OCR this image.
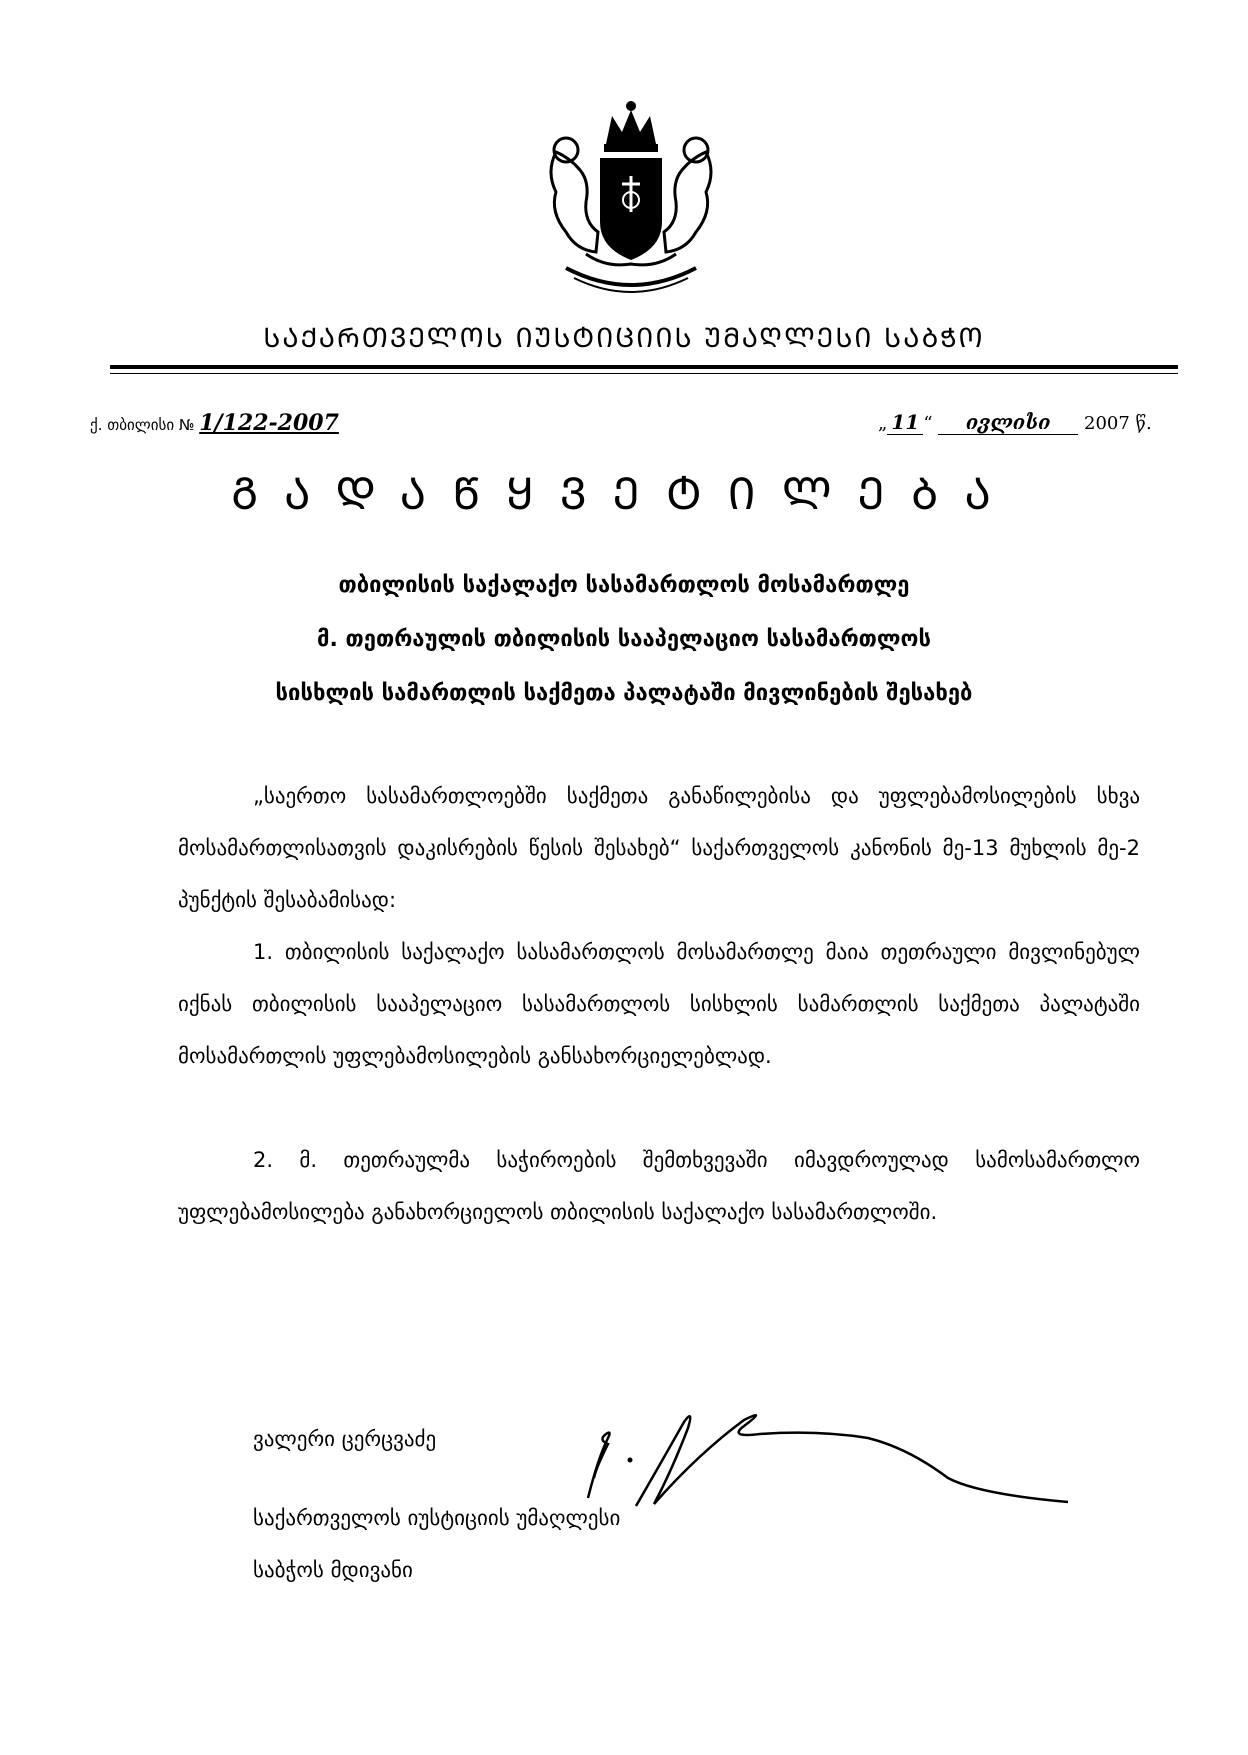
ᲡᲐᲥᲐᲠᲗᲕᲔᲚᲝᲡ ᲘᲣᲡᲢᲘᲪᲘᲘᲡ ᲣᲛᲐᲦᲚᲔᲡᲘ ᲡᲐᲑᲭᲝ
ქ. თბილისი № 1/122-2007	„ 11 “ ივლისი 2007 წ.
ᲒᲐᲓᲐᲬᲧᲕᲔᲢᲘᲚᲔᲑᲐ
თბილისის საქალაქო სასამართლოს მოსამართლე
მ. თეთრაულის თბილისის სააპელაციო სასამართლოს
სისხლის სამართლის საქმეთა პალატაში მივლინების შესახებ
„საერთო სასამართლოებში საქმეთა განაწილებისა და უფლებამოსილების სხვა მოსამართლისათვის დაკისრების წესის შესახებ“ საქართველოს კანონის მე-13 მუხლის მე-2 პუნქტის შესაბამისად:
1. თბილისის საქალაქო სასამართლოს მოსამართლე მაია თეთრაული მივლინებულ იქნას თბილისის სააპელაციო სასამართლოს სისხლის სამართლის საქმეთა პალატაში მოსამართლის უფლებამოსილების განსახორციელებლად.
2. მ. თეთრაულმა საჭიროების შემთხვევაში იმავდროულად სამოსამართლო უფლებამოსილება განახორციელოს თბილისის საქალაქო სასამართლოში.
ვალერი ცერცვაძე
საქართველოს იუსტიციის უმაღლესი
საბჭოს მდივანი
